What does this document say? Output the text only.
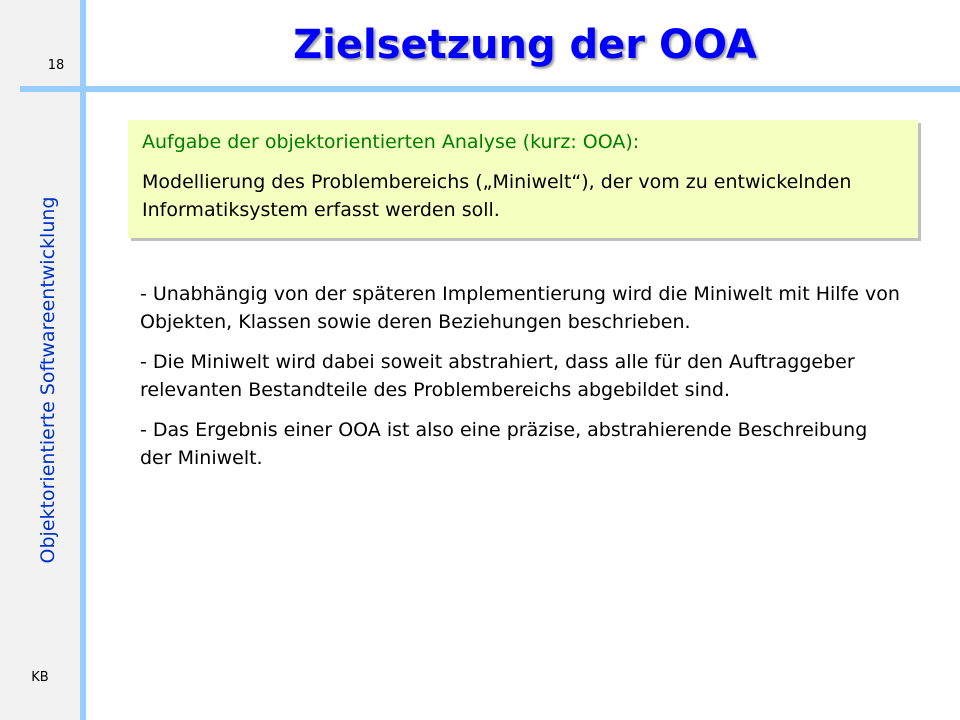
18
Objektorientierte Softwareentwicklung
KB
Zielsetzung der OOA

Aufgabe der objektorientierten Analyse (kurz: OOA):

Modellierung des Problembereichs („Miniwelt“), der vom zu entwickelnden Informatiksystem erfasst werden soll.

- Unabhängig von der späteren Implementierung wird die Miniwelt mit Hilfe von Objekten, Klassen sowie deren Beziehungen beschrieben.

- Die Miniwelt wird dabei soweit abstrahiert, dass alle für den Auftraggeber relevanten Bestandteile des Problembereichs abgebildet sind.

- Das Ergebnis einer OOA ist also eine präzise, abstrahierende Beschreibung der Miniwelt.
